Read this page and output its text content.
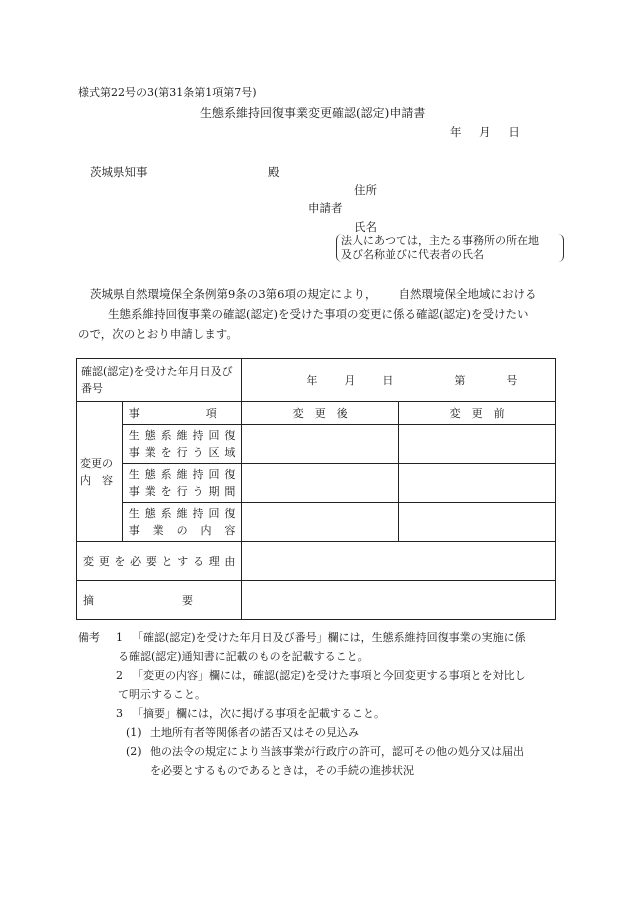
様式第22号の3(第31条第1項第7号)
生態系維持回復事業変更確認(認定)申請書
年 月 日
茨城県知事	殿
住所
申請者
氏名
法人にあつては，主たる事務所の所在地
及び名称並びに代表者の氏名
茨城県自然環境保全条例第9条の3第6項の規定により， 自然環境保全地域における
生態系維持回復事業の確認(認定)を受けた事項の変更に係る確認(認定)を受けたい
ので，次のとおり申請します。
確認(認定)を受けた年月日及び番号		年 月 日 第 号	

変更の
内　容	事　　　　　　項	変　更　後	変　更　前

	生態系維持回復
事業を行う区域		

	生態系維持回復
事業を行う期間		

	生態系維持回復
事業の内容		

変更を必要とする理由			
摘　　　　　　　　要			
備考 1 「確認(認定)を受けた年月日及び番号」欄には，生態系維持回復事業の実施に係
る確認(認定)通知書に記載のものを記載すること。
2 「変更の内容」欄には，確認(認定)を受けた事項と今回変更する事項とを対比し
て明示すること。
3 「摘要」欄には，次に掲げる事項を記載すること。
(1) 土地所有者等関係者の諾否又はその見込み
(2) 他の法令の規定により当該事業が行政庁の許可，認可その他の処分又は届出
を必要とするものであるときは，その手続の進捗状況
